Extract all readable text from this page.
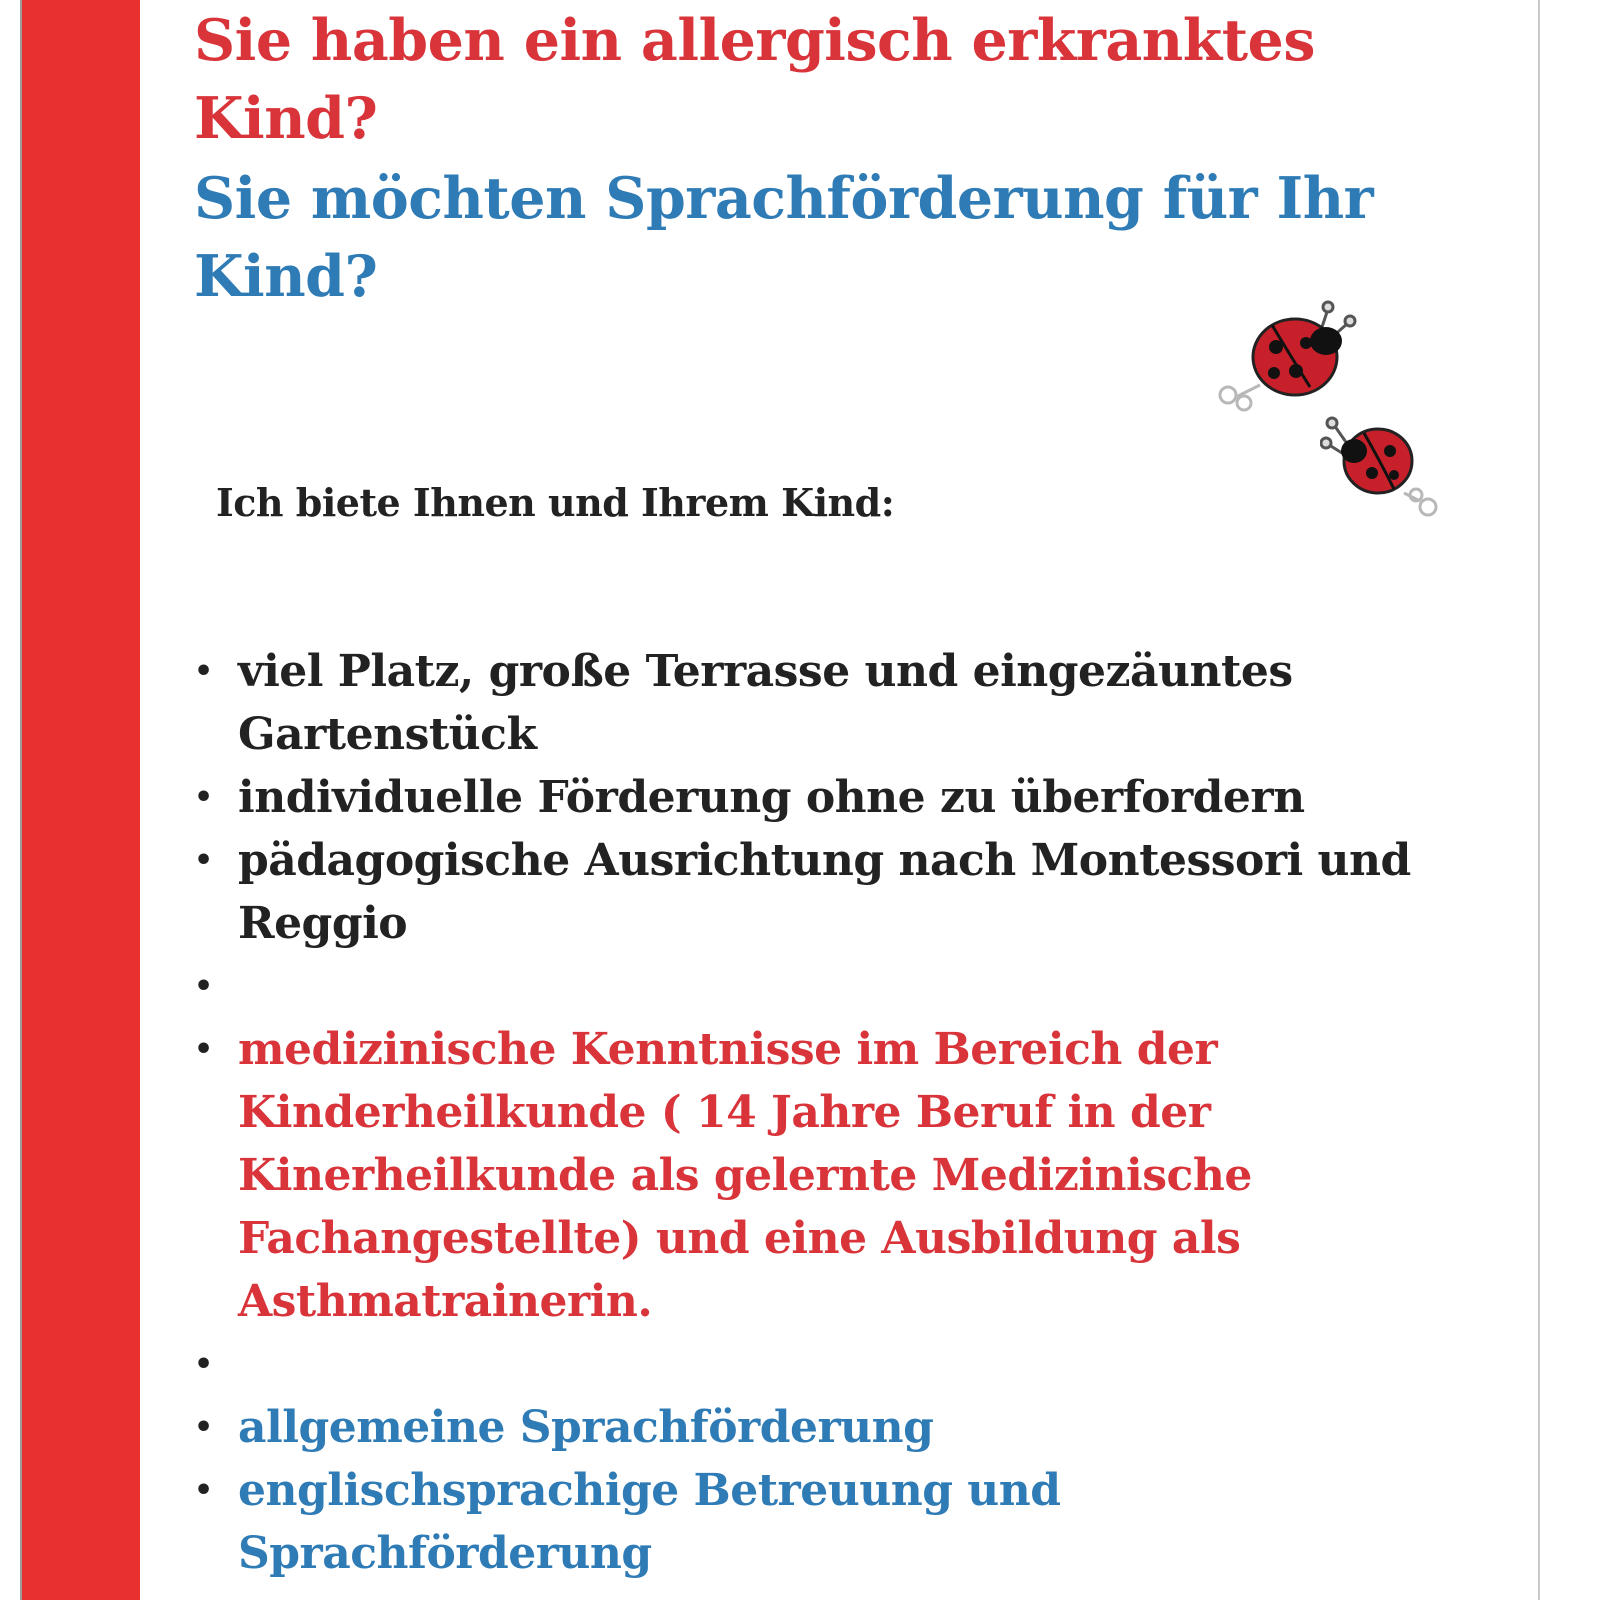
Sie haben ein allergisch erkranktes Kind?
Sie möchten Sprachförderung für Ihr Kind?

Ich biete Ihnen und Ihrem Kind:

• viel Platz, große Terrasse und eingezäuntes Gartenstück
• individuelle Förderung ohne zu überfordern
• pädagogische Ausrichtung nach Montessori und Reggio
•

• medizinische Kenntnisse im Bereich der Kinderheilkunde ( 14 Jahre Beruf in der Kinerheilkunde als gelernte Medizinische Fachangestellte) und eine Ausbildung als Asthmatrainerin.
•

• allgemeine Sprachförderung
• englischsprachige Betreuung und Sprachförderung
